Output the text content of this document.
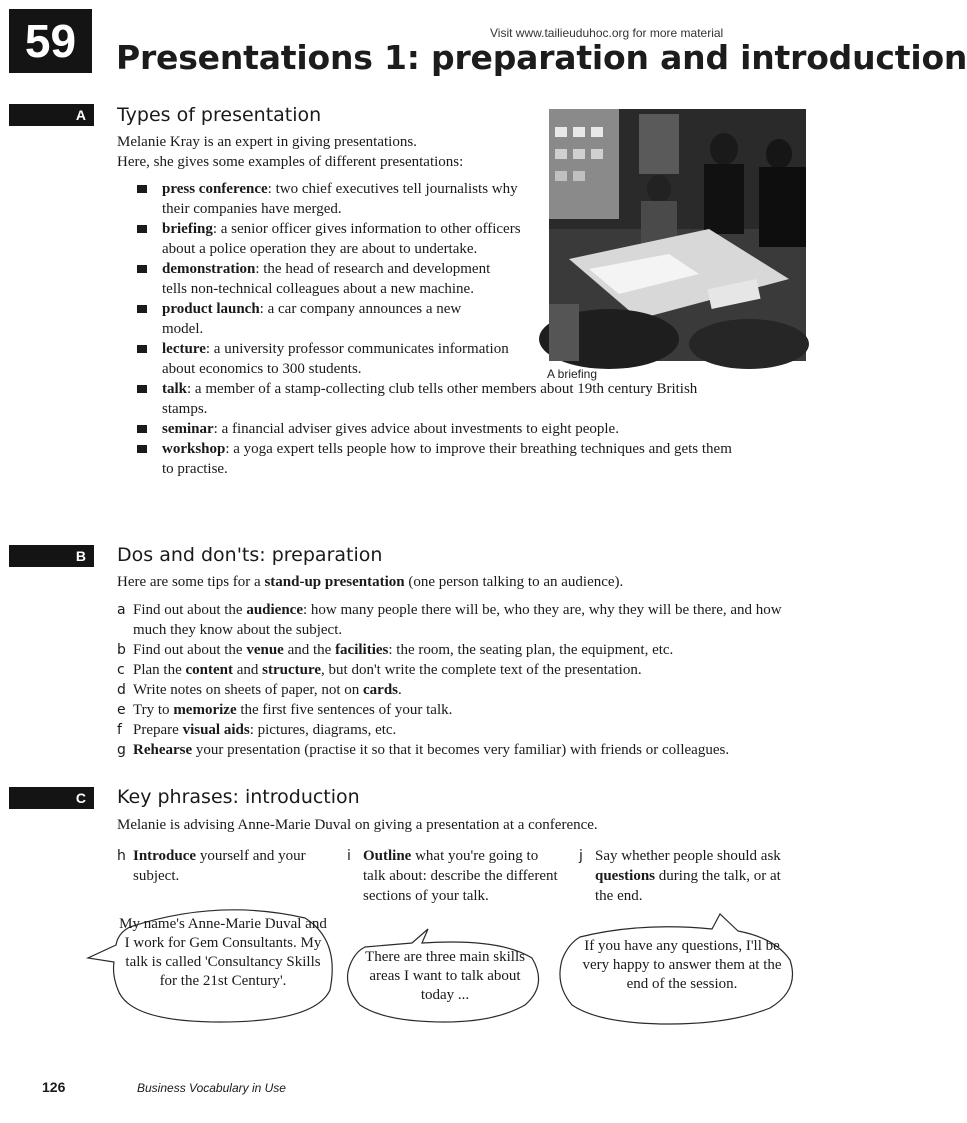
59	Visit www.tailieuduhoc.org for more material
Presentations 1: preparation and introduction
A	Types of presentation
Melanie Kray is an expert in giving presentations.
Here, she gives some examples of different presentations:
press conference: two chief executives tell journalists why their companies have merged.
briefing: a senior officer gives information to other officers about a police operation they are about to undertake.
demonstration: the head of research and development tells non-technical colleagues about a new machine.
product launch: a car company announces a new model.
lecture: a university professor communicates information about economics to 300 students.
talk: a member of a stamp-collecting club tells other members about 19th century British stamps.
seminar: a financial adviser gives advice about investments to eight people.
workshop: a yoga expert tells people how to improve their breathing techniques and gets them to practise.
A briefing
B	Dos and don'ts: preparation
Here are some tips for a stand-up presentation (one person talking to an audience).
a Find out about the audience: how many people there will be, who they are, why they will be there, and how much they know about the subject.
b Find out about the venue and the facilities: the room, the seating plan, the equipment, etc.
c Plan the content and structure, but don't write the complete text of the presentation.
d Write notes on sheets of paper, not on cards.
e Try to memorize the first five sentences of your talk.
f Prepare visual aids: pictures, diagrams, etc.
g Rehearse your presentation (practise it so that it becomes very familiar) with friends or colleagues.
C	Key phrases: introduction
Melanie is advising Anne-Marie Duval on giving a presentation at a conference.
h Introduce yourself and your subject.
i Outline what you're going to talk about: describe the different sections of your talk.
j Say whether people should ask questions during the talk, or at the end.
My name's Anne-Marie Duval and I work for Gem Consultants. My talk is called 'Consultancy Skills for the 21st Century'.
There are three main skills areas I want to talk about today ...
If you have any questions, I'll be very happy to answer them at the end of the session.
126	Business Vocabulary in Use
